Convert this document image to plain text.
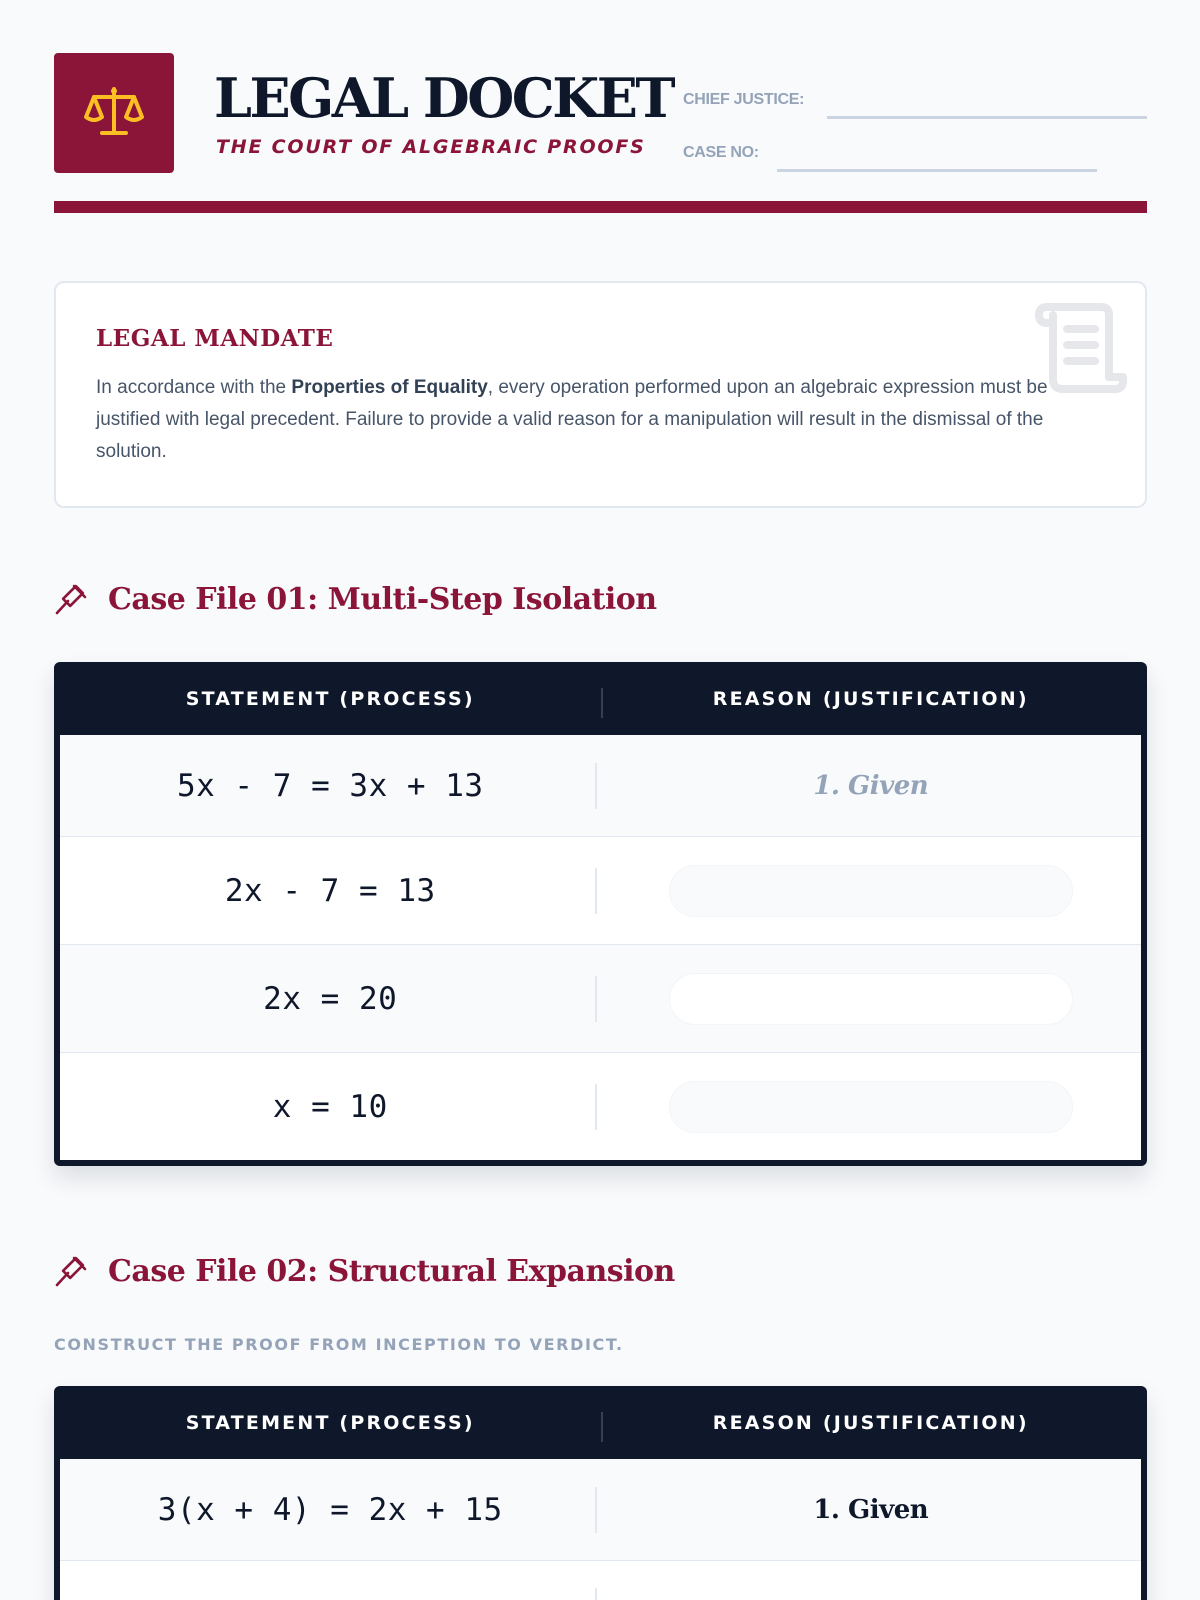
LEGAL DOCKET
THE COURT OF ALGEBRAIC PROOFS
CHIEF JUSTICE:
CASE NO:
LEGAL MANDATE
In accordance with the Properties of Equality, every operation performed upon an algebraic expression must be justified with legal precedent. Failure to provide a valid reason for a manipulation will result in the dismissal of the solution.
Case File 01: Multi-Step Isolation
STATEMENT (PROCESS)	REASON (JUSTIFICATION)
5x - 7 = 3x + 13	1. Given
2x - 7 = 13
2x = 20
x = 10
Case File 02: Structural Expansion
CONSTRUCT THE PROOF FROM INCEPTION TO VERDICT.
STATEMENT (PROCESS)	REASON (JUSTIFICATION)
3(x + 4) = 2x + 15	1. Given
